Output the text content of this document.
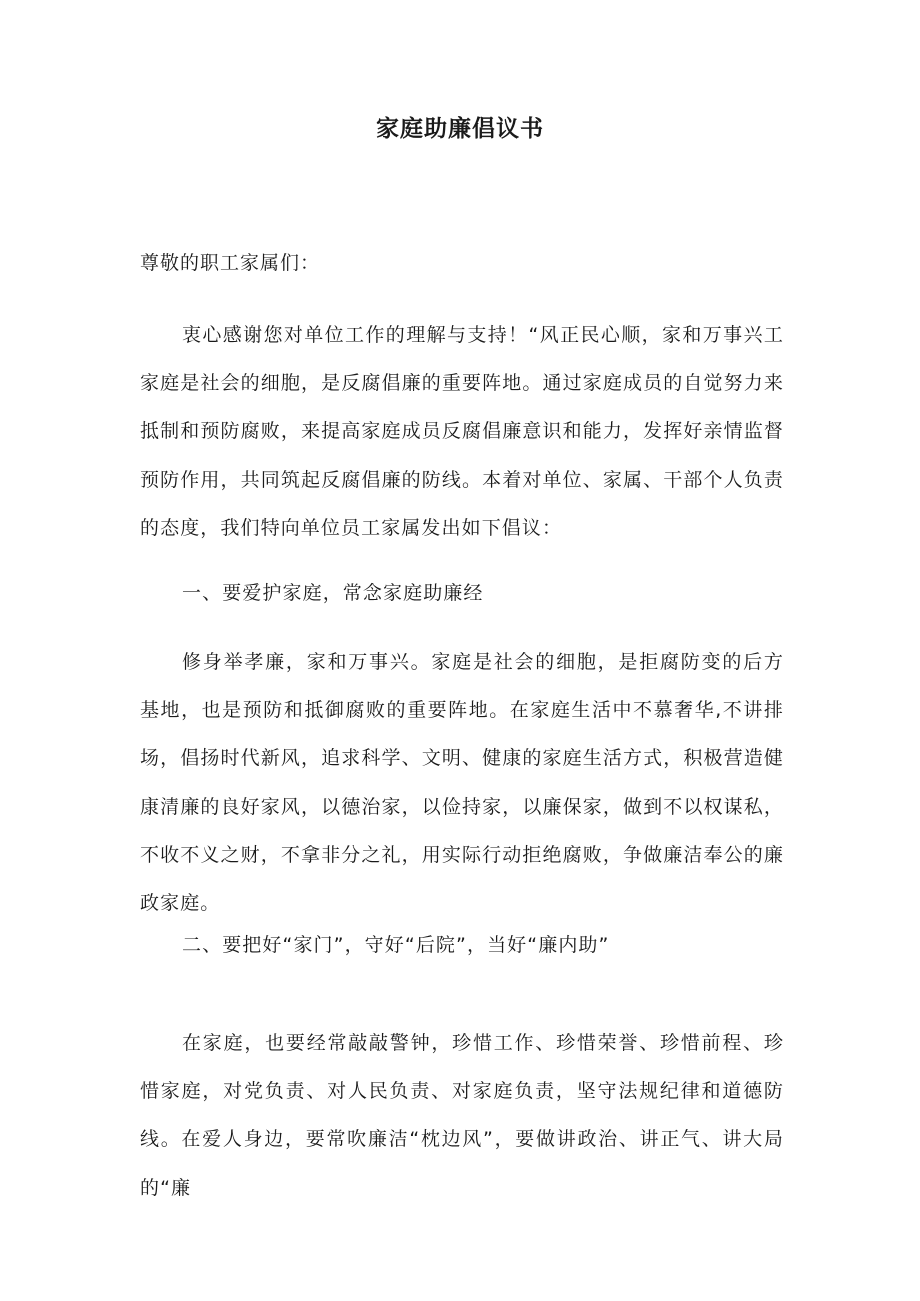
家庭助廉倡议书
尊敬的职工家属们：

衷心感谢您对单位工作的理解与支持！“风正民心顺，家和万事兴工家庭是社会的细胞，是反腐倡廉的重要阵地。通过家庭成员的自觉努力来抵制和预防腐败，来提高家庭成员反腐倡廉意识和能力，发挥好亲情监督预防作用，共同筑起反腐倡廉的防线。本着对单位、家属、干部个人负责的态度，我们特向单位员工家属发出如下倡议：

一、要爱护家庭，常念家庭助廉经

修身举孝廉，家和万事兴。家庭是社会的细胞，是拒腐防变的后方基地，也是预防和抵御腐败的重要阵地。在家庭生活中不慕奢华,不讲排场，倡扬时代新风，追求科学、文明、健康的家庭生活方式，积极营造健康清廉的良好家风，以德治家，以俭持家，以廉保家，做到不以权谋私，不收不义之财，不拿非分之礼，用实际行动拒绝腐败，争做廉洁奉公的廉政家庭。

二、要把好“家门”，守好“后院”，当好“廉内助”

在家庭，也要经常敲敲警钟，珍惜工作、珍惜荣誉、珍惜前程、珍惜家庭，对党负责、对人民负责、对家庭负责，坚守法规纪律和道德防线。在爱人身边，要常吹廉洁“枕边风”，要做讲政治、讲正气、讲大局的“廉
